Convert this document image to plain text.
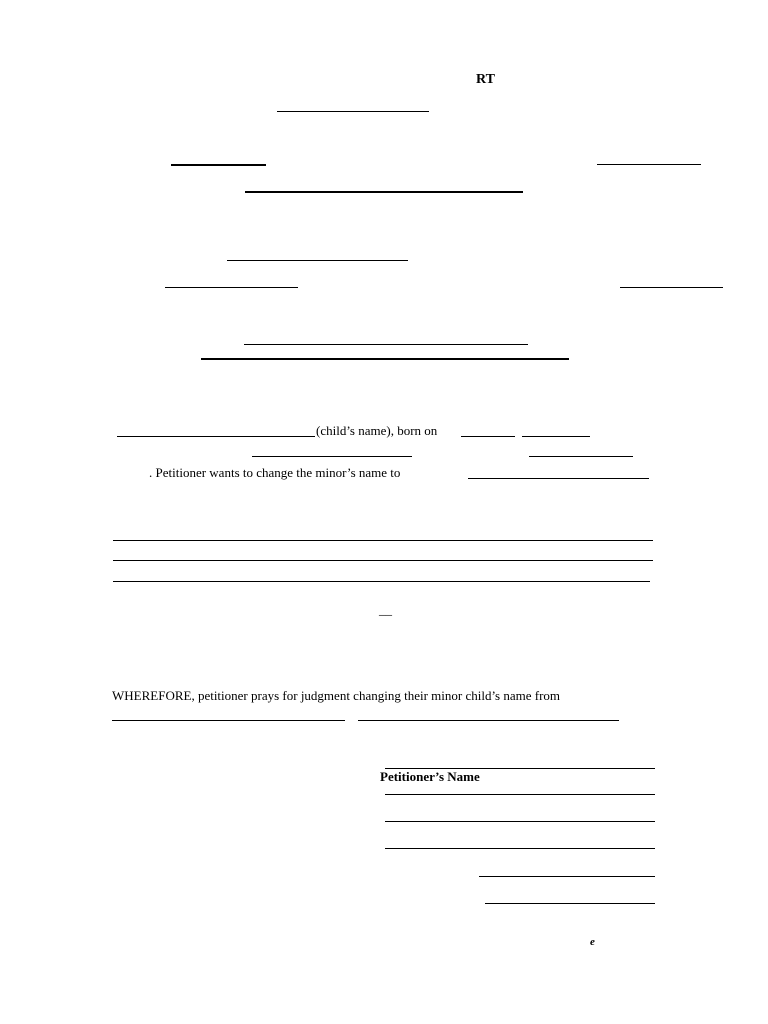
RT
(child’s name), born on
. Petitioner wants to change the minor’s name to
__
WHEREFORE, petitioner prays for judgment changing their minor child’s name from
Petitioner’s Name
e
